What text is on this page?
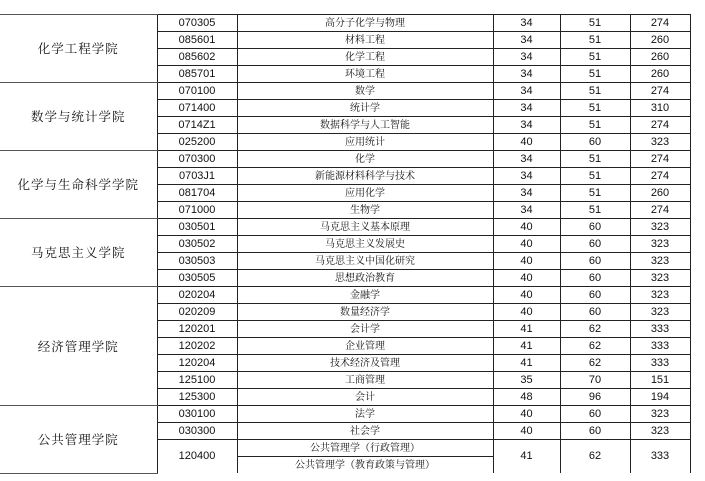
化学工程学院	070305	高分子化学与物理	34	51	274
	085601	材料工程	34	51	260
	085602	化学工程	34	51	260
	085701	环境工程	34	51	260
数学与统计学院	070100	数学	34	51	274
	071400	统计学	34	51	310
	0714Z1	数据科学与人工智能	34	51	274
	025200	应用统计	40	60	323
化学与生命科学学院	070300	化学	34	51	274
	0703J1	新能源材料科学与技术	34	51	274
	081704	应用化学	34	51	260
	071000	生物学	34	51	274
马克思主义学院	030501	马克思主义基本原理	40	60	323
	030502	马克思主义发展史	40	60	323
	030503	马克思主义中国化研究	40	60	323
	030505	思想政治教育	40	60	323
经济管理学院	020204	金融学	40	60	323
	020209	数量经济学	40	60	323
	120201	会计学	41	62	333
	120202	企业管理	41	62	333
	120204	技术经济及管理	41	62	333
	125100	工商管理	35	70	151
	125300	会计	48	96	194
公共管理学院	030100	法学	40	60	323
	030300	社会学	40	60	323
	120400	公共管理学（行政管理）	41	62	333
		公共管理学（教育政策与管理）			
